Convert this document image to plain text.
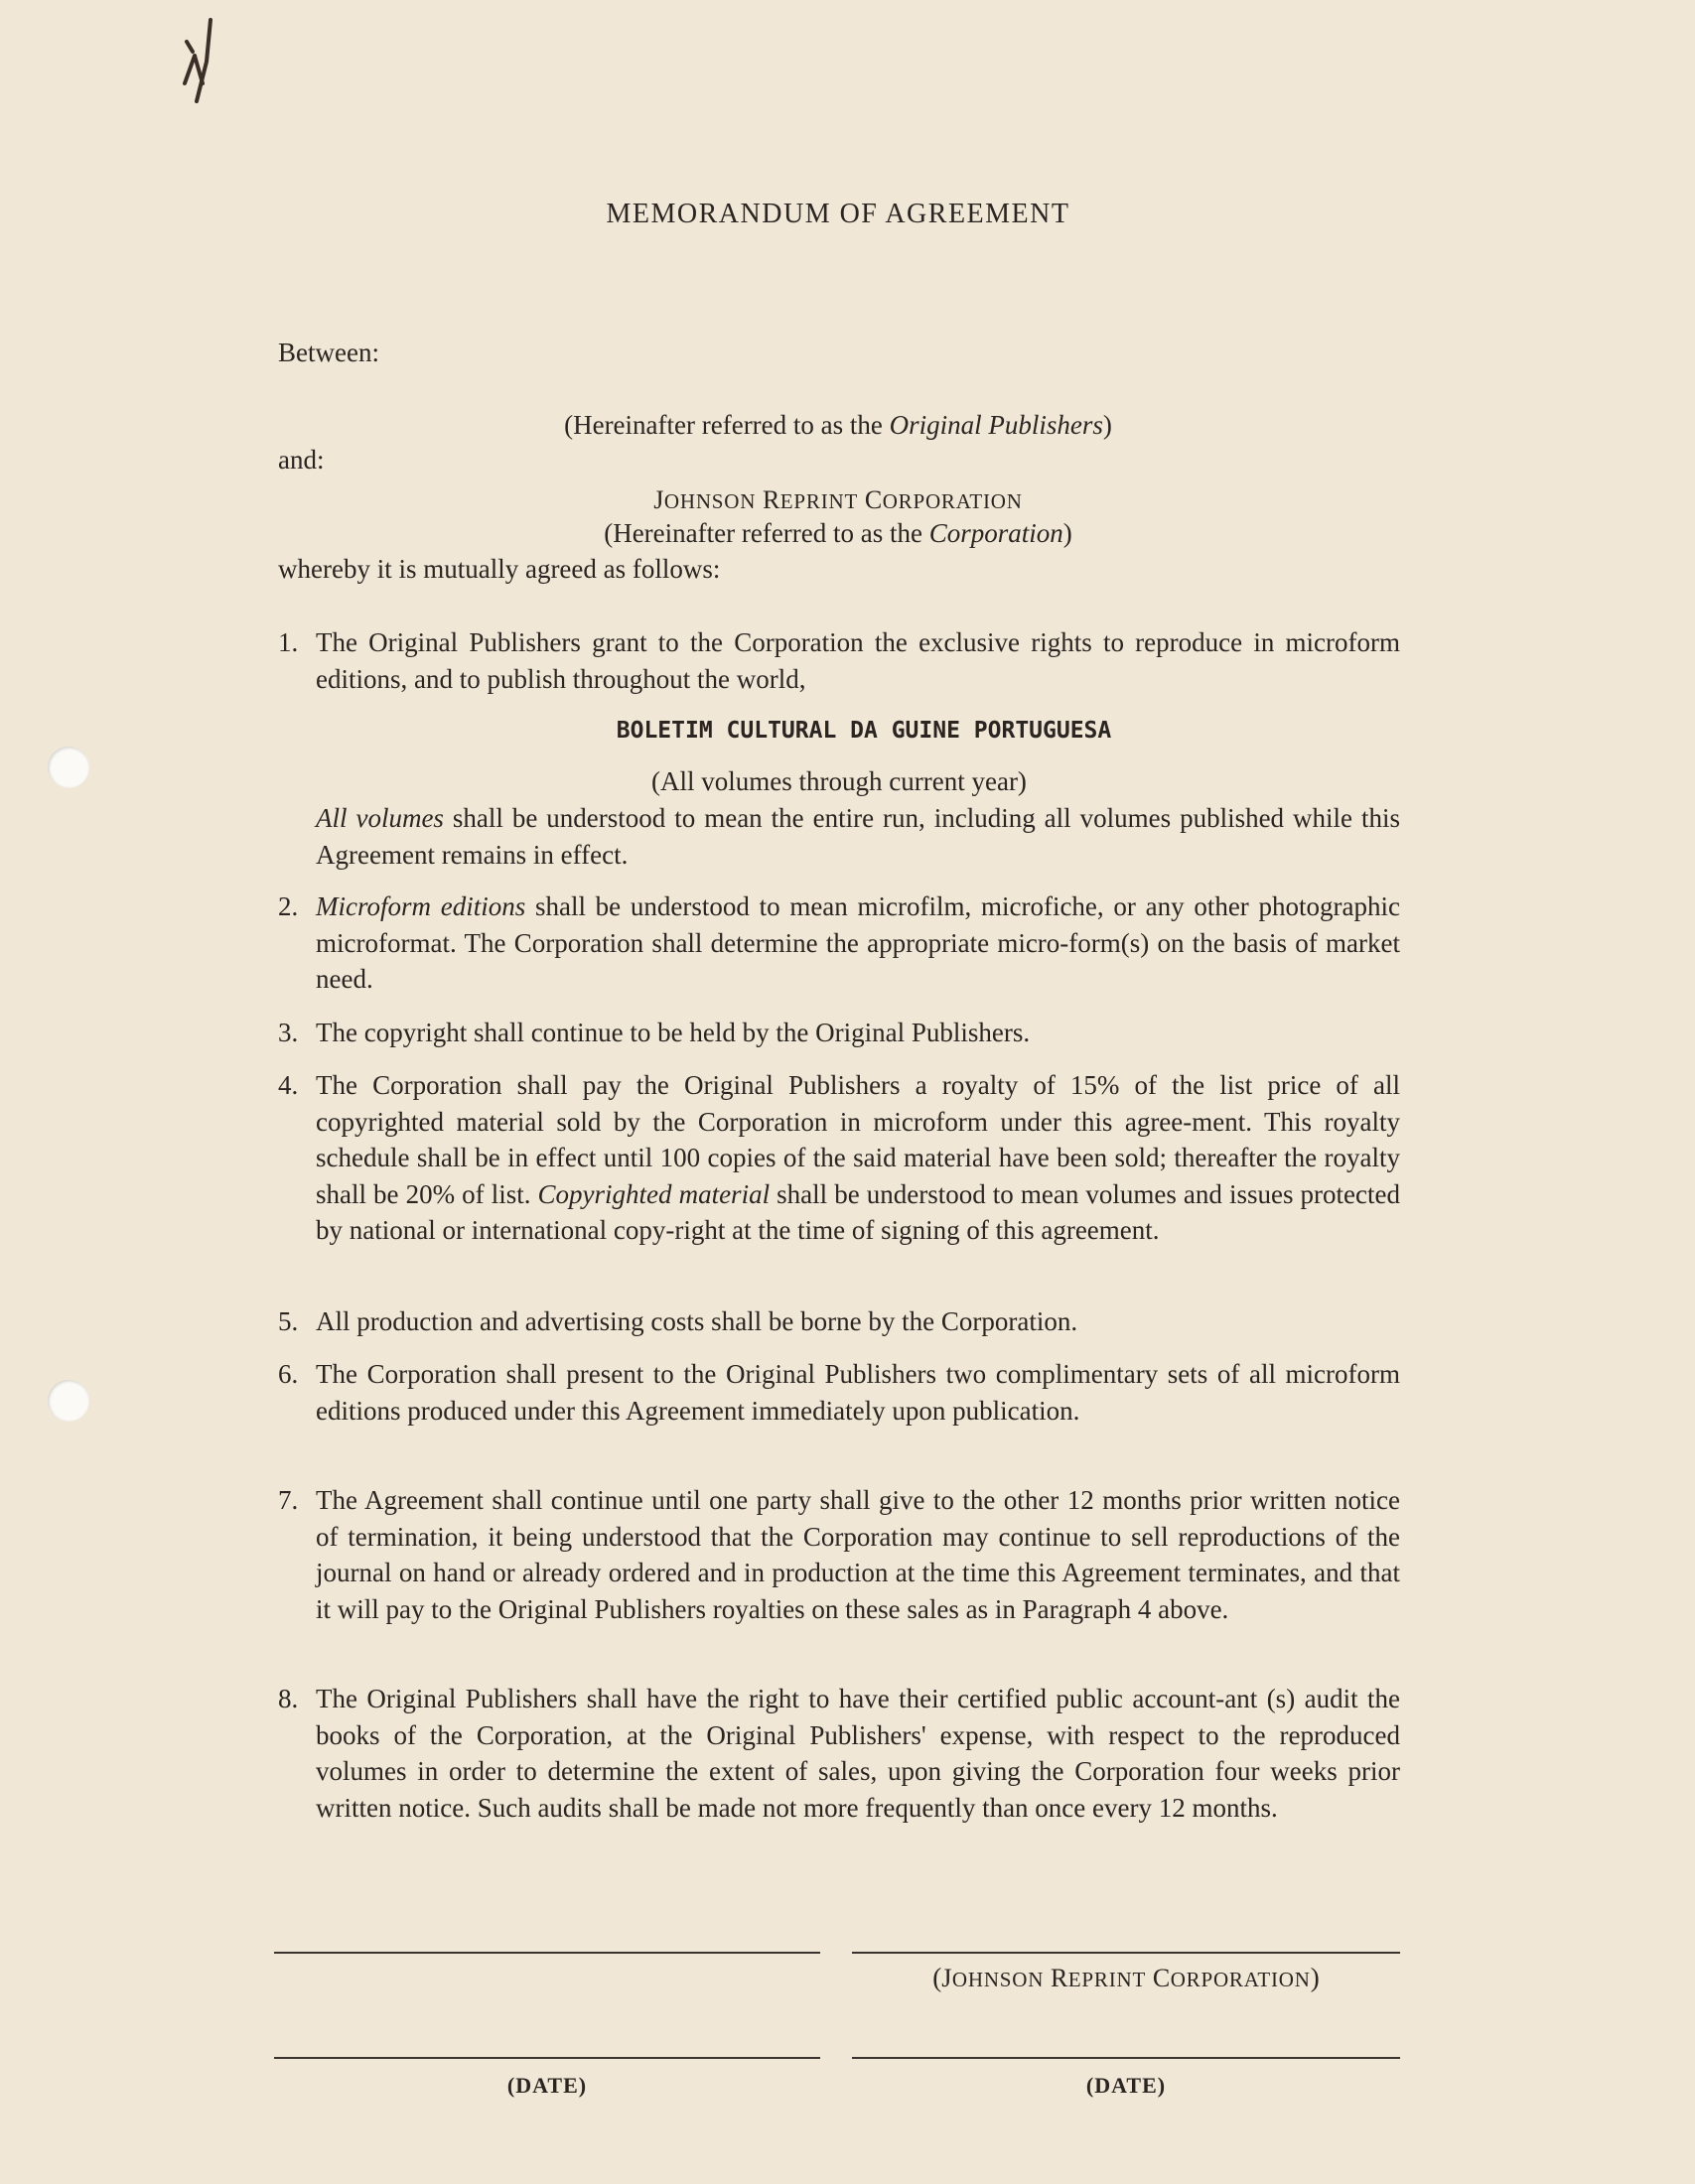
MEMORANDUM OF AGREEMENT
Between:
(Hereinafter referred to as the Original Publishers)
and:
JOHNSON REPRINT CORPORATION
(Hereinafter referred to as the Corporation)
whereby it is mutually agreed as follows:
1. The Original Publishers grant to the Corporation the exclusive rights to reproduce in microform editions, and to publish throughout the world,
BOLETIM CULTURAL DA GUINE PORTUGUESA
(All volumes through current year)
All volumes shall be understood to mean the entire run, including all volumes published while this Agreement remains in effect.
2. Microform editions shall be understood to mean microfilm, microfiche, or any other photographic microformat. The Corporation shall determine the appropriate micro-form(s) on the basis of market need.
3. The copyright shall continue to be held by the Original Publishers.
4. The Corporation shall pay the Original Publishers a royalty of 15% of the list price of all copyrighted material sold by the Corporation in microform under this agree-ment. This royalty schedule shall be in effect until 100 copies of the said material have been sold; thereafter the royalty shall be 20% of list. Copyrighted material shall be understood to mean volumes and issues protected by national or international copy-right at the time of signing of this agreement.
5. All production and advertising costs shall be borne by the Corporation.
6. The Corporation shall present to the Original Publishers two complimentary sets of all microform editions produced under this Agreement immediately upon publication.
7. The Agreement shall continue until one party shall give to the other 12 months prior written notice of termination, it being understood that the Corporation may continue to sell reproductions of the journal on hand or already ordered and in production at the time this Agreement terminates, and that it will pay to the Original Publishers royalties on these sales as in Paragraph 4 above.
8. The Original Publishers shall have the right to have their certified public account-ant (s) audit the books of the Corporation, at the Original Publishers' expense, with respect to the reproduced volumes in order to determine the extent of sales, upon giving the Corporation four weeks prior written notice. Such audits shall be made not more frequently than once every 12 months.
(JOHNSON REPRINT CORPORATION)
(DATE)	(DATE)
